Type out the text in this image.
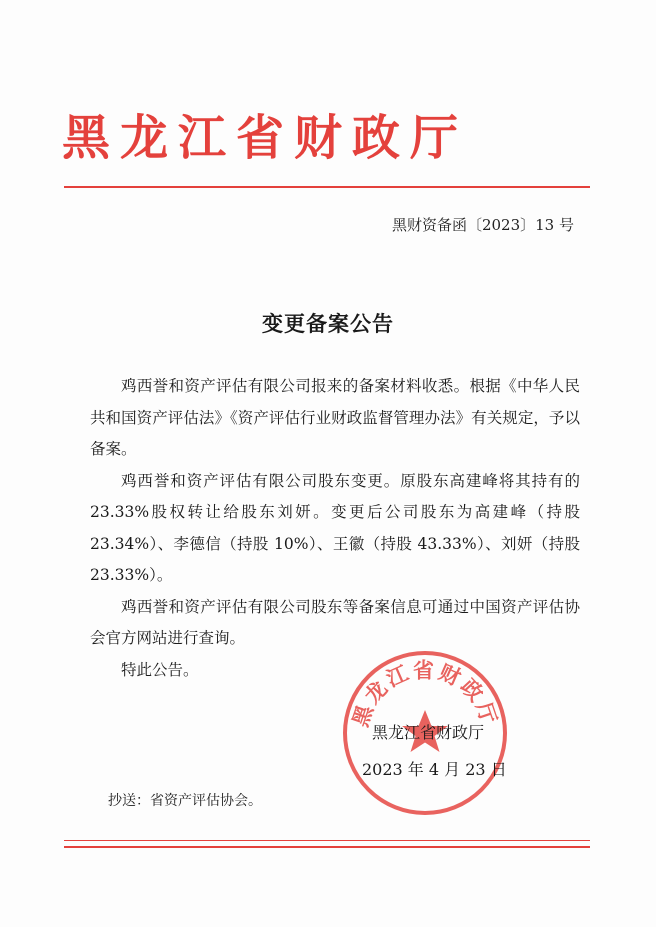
黑龙江省财政厅
黑财资备函〔2023〕13 号
变更备案公告

鸡西誉和资产评估有限公司报来的备案材料收悉。根据《中华人民共和国资产评估法》《资产评估行业财政监督管理办法》有关规定，予以备案。

鸡西誉和资产评估有限公司股东变更。原股东高建峰将其持有的 23.33%股权转让给股东刘妍。变更后公司股东为高建峰（持股 23.34%）、李德信（持股 10%）、王徽（持股 43.33%）、刘妍（持股 23.33%）。

鸡西誉和资产评估有限公司股东等备案信息可通过中国资产评估协会官方网站进行查询。

特此公告。

黑龙江省财政厅
黑龙江省财政厅
2023 年 4 月 23 日
抄送：省资产评估协会。
